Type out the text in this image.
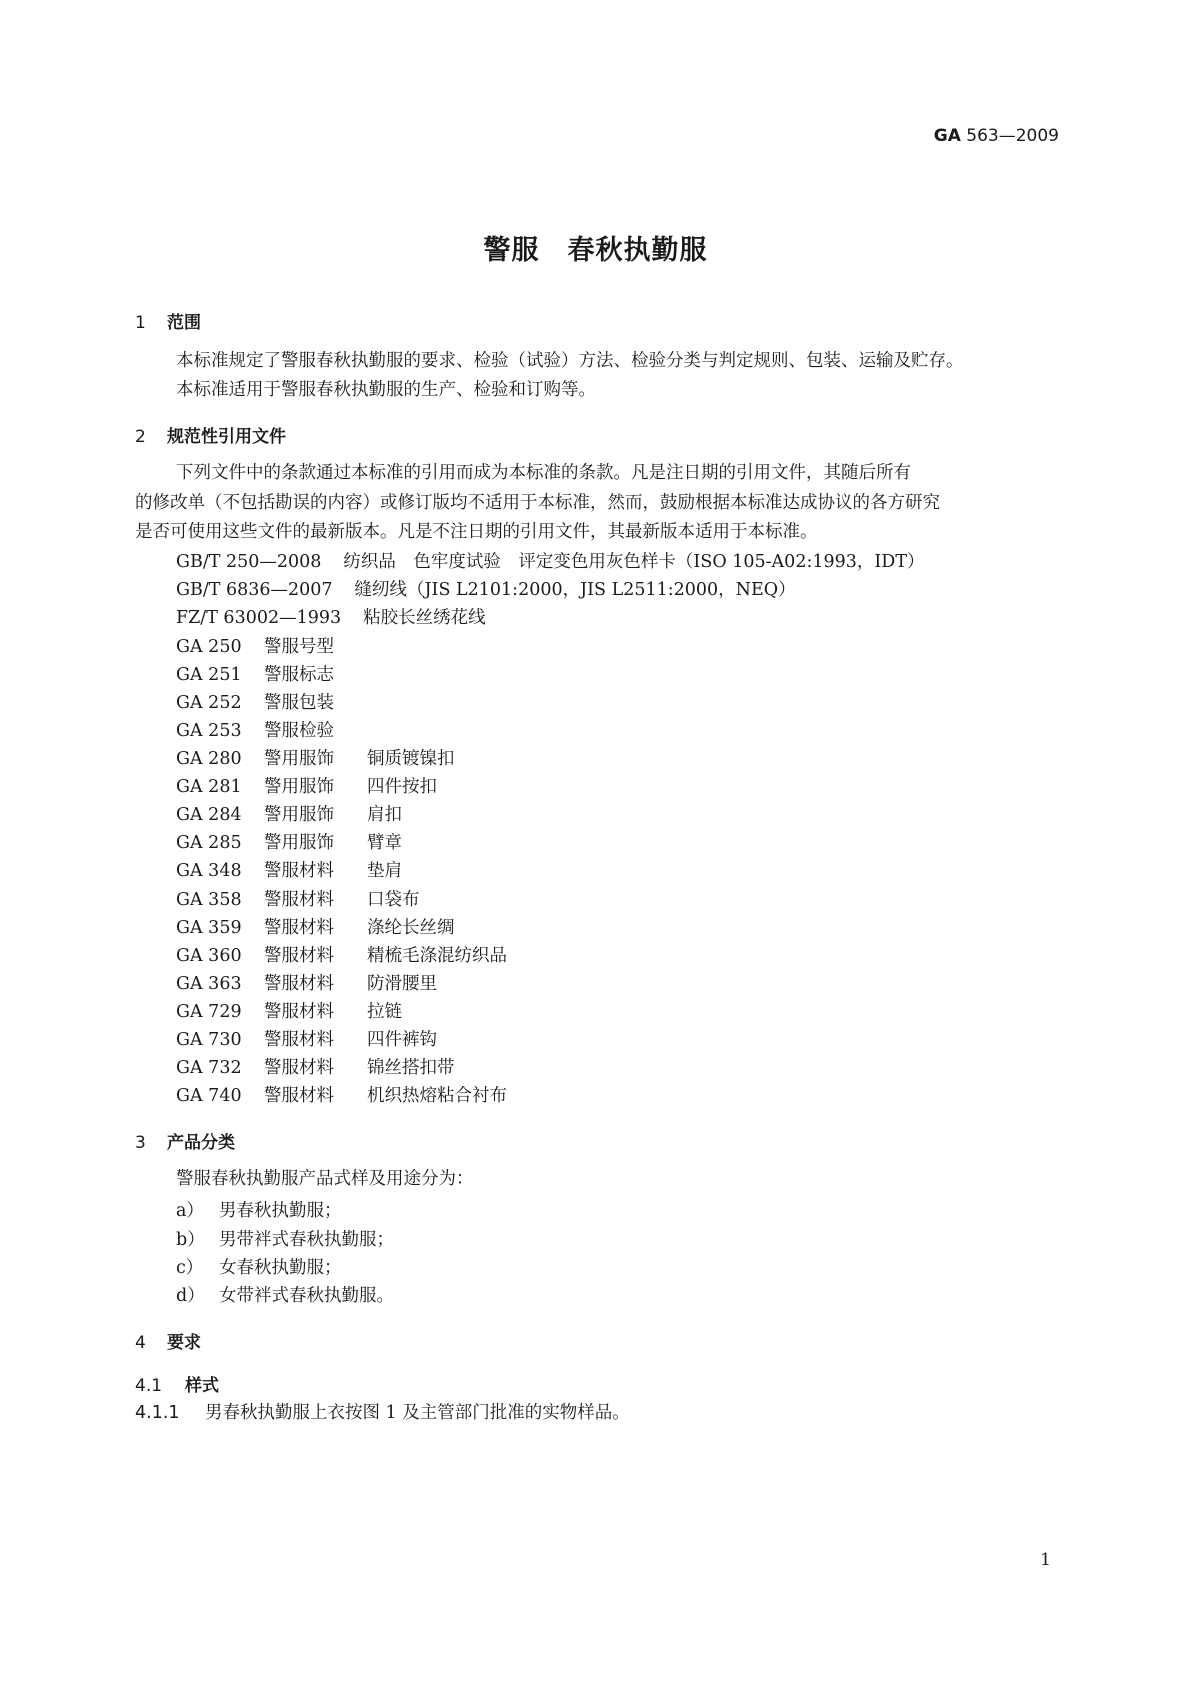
GA 563—2009
警服　春秋执勤服
1 范围
本标准规定了警服春秋执勤服的要求、检验（试验）方法、检验分类与判定规则、包装、运输及贮存。
本标准适用于警服春秋执勤服的生产、检验和订购等。
2 规范性引用文件
下列文件中的条款通过本标准的引用而成为本标准的条款。凡是注日期的引用文件，其随后所有
的修改单（不包括勘误的内容）或修订版均不适用于本标准，然而，鼓励根据本标准达成协议的各方研究
是否可使用这些文件的最新版本。凡是不注日期的引用文件，其最新版本适用于本标准。
GB/T 250—2008 纺织品　色牢度试验　评定变色用灰色样卡（ISO 105-A02:1993，IDT）
GB/T 6836—2007 缝纫线（JIS L2101:2000，JIS L2511:2000，NEQ）
FZ/T 63002—1993 粘胶长丝绣花线
GA 250 警服号型
GA 251 警服标志
GA 252 警服包装
GA 253 警服检验
GA 280 警用服饰 铜质镀镍扣
GA 281 警用服饰 四件按扣
GA 284 警用服饰 肩扣
GA 285 警用服饰 臂章
GA 348 警服材料 垫肩
GA 358 警服材料 口袋布
GA 359 警服材料 涤纶长丝绸
GA 360 警服材料 精梳毛涤混纺织品
GA 363 警服材料 防滑腰里
GA 729 警服材料 拉链
GA 730 警服材料 四件裤钩
GA 732 警服材料 锦丝搭扣带
GA 740 警服材料 机织热熔粘合衬布
3 产品分类
警服春秋执勤服产品式样及用途分为：
a） 男春秋执勤服；
b） 男带袢式春秋执勤服；
c） 女春秋执勤服；
d） 女带袢式春秋执勤服。
4 要求
4.1 样式
4.1.1 男春秋执勤服上衣按图 1 及主管部门批准的实物样品。
1
